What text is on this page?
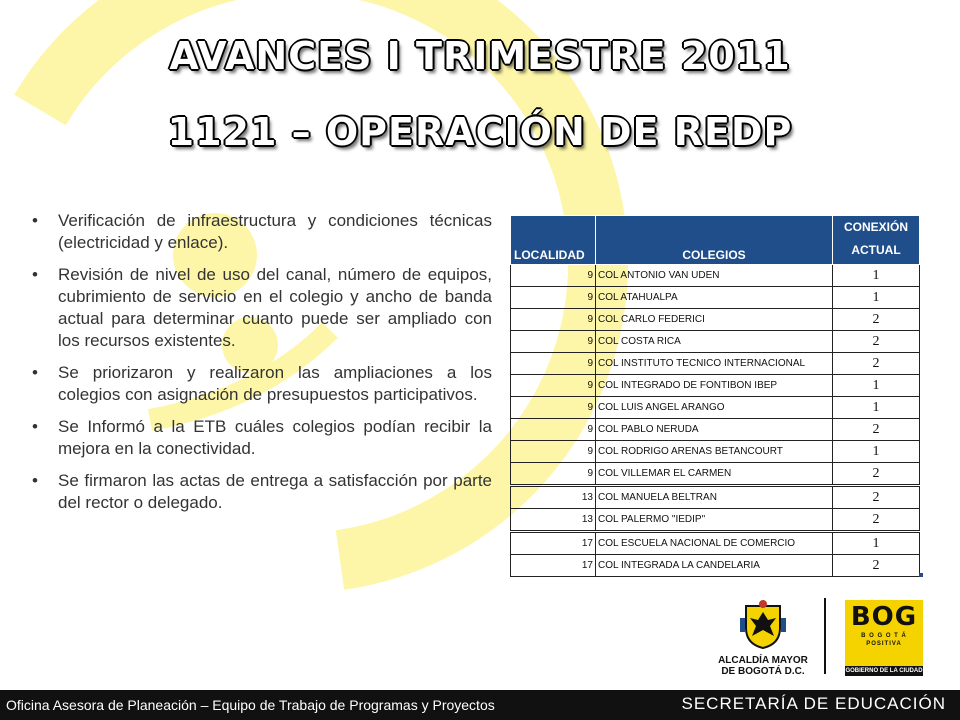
AVANCES I TRIMESTRE 2011
1121 – OPERACIÓN DE REDP
• Verificación de infraestructura y condiciones técnicas (electricidad y enlace).
• Revisión de nivel de uso del canal, número de equipos, cubrimiento de servicio en el colegio y ancho de banda actual para determinar cuanto puede ser ampliado con los recursos existentes.
• Se priorizaron y realizaron las ampliaciones a los colegios con asignación de presupuestos participativos.
• Se Informó a la ETB cuáles colegios podían recibir la mejora en la conectividad.
• Se firmaron las actas de entrega a satisfacción por parte del rector o delegado.
LOCALIDAD	COLEGIOS	CONEXIÓN
ACTUAL
9	COL ANTONIO VAN UDEN	1
9	COL ATAHUALPA	1
9	COL CARLO FEDERICI	2
9	COL COSTA RICA	2
9	COL INSTITUTO TECNICO INTERNACIONAL	2
9	COL INTEGRADO DE FONTIBON IBEP	1
9	COL LUIS ANGEL ARANGO	1
9	COL PABLO NERUDA	2
9	COL RODRIGO ARENAS BETANCOURT	1
9	COL VILLEMAR EL CARMEN	2
13	COL MANUELA BELTRAN	2
13	COL PALERMO "IEDIP"	2
17	COL ESCUELA NACIONAL DE COMERCIO	1
17	COL INTEGRADA LA CANDELARIA	2
ALCALDÍA MAYOR
DE BOGOTÁ D.C.
BOG
B O G O T Á
POSITIVA
GOBIERNO DE LA CIUDAD
Oficina Asesora de Planeación – Equipo de Trabajo de Programas y Proyectos	SECRETARÍA DE EDUCACIÓN
